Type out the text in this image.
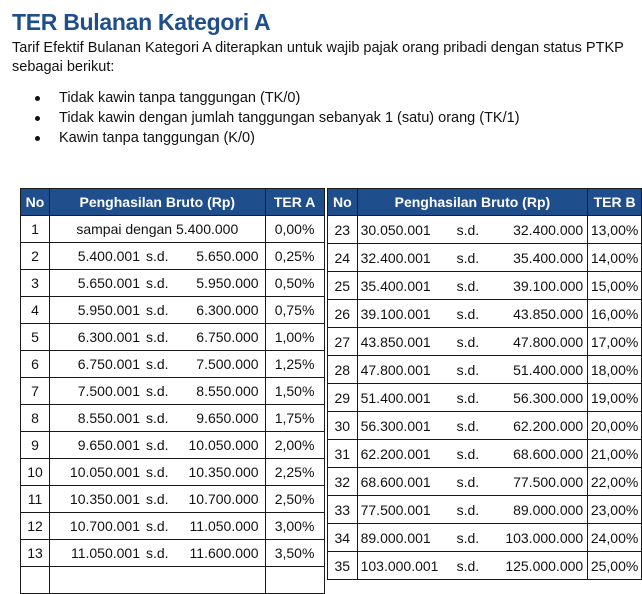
TER Bulanan Kategori A
Tarif Efektif Bulanan Kategori A diterapkan untuk wajib pajak orang pribadi dengan status PTKP sebagai berikut:
Tidak kawin tanpa tanggungan (TK/0)
Tidak kawin dengan jumlah tanggungan sebanyak 1 (satu) orang (TK/1)
Kawin tanpa tanggungan (K/0)
No	Penghasilan Bruto (Rp)	TER A
1	sampai dengan 5.400.000	0,00%
2	5.400.001 s.d. 5.650.000	0,25%
3	5.650.001 s.d. 5.950.000	0,50%
4	5.950.001 s.d. 6.300.000	0,75%
5	6.300.001 s.d. 6.750.000	1,00%
6	6.750.001 s.d. 7.500.000	1,25%
7	7.500.001 s.d. 8.550.000	1,50%
8	8.550.001 s.d. 9.650.000	1,75%
9	9.650.001 s.d. 10.050.000	2,00%
10	10.050.001 s.d. 10.350.000	2,25%
11	10.350.001 s.d. 10.700.000	2,50%
12	10.700.001 s.d. 11.050.000	3,00%
13	11.050.001 s.d. 11.600.000	3,50%

No	Penghasilan Bruto (Rp)	TER B
23	30.050.001 s.d. 32.400.000	13,00%
24	32.400.001 s.d. 35.400.000	14,00%
25	35.400.001 s.d. 39.100.000	15,00%
26	39.100.001 s.d. 43.850.000	16,00%
27	43.850.001 s.d. 47.800.000	17,00%
28	47.800.001 s.d. 51.400.000	18,00%
29	51.400.001 s.d. 56.300.000	19,00%
30	56.300.001 s.d. 62.200.000	20,00%
31	62.200.001 s.d. 68.600.000	21,00%
32	68.600.001 s.d. 77.500.000	22,00%
33	77.500.001 s.d. 89.000.000	23,00%
34	89.000.001 s.d. 103.000.000	24,00%
35	103.000.001 s.d. 125.000.000	25,00%
